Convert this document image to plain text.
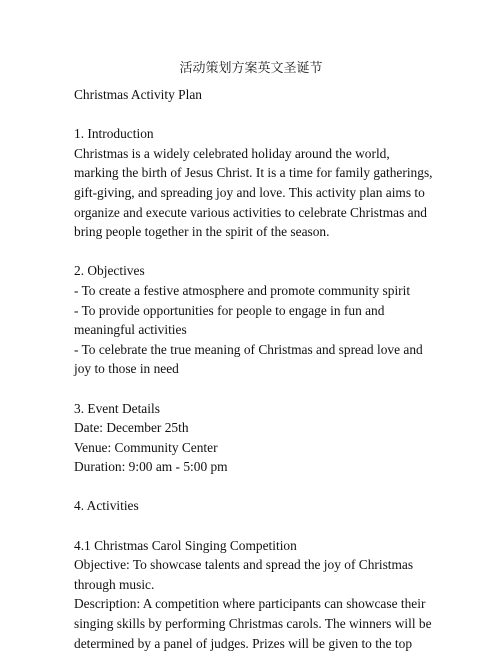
活动策划方案英文圣诞节

Christmas Activity Plan

1. Introduction

Christmas is a widely celebrated holiday around the world,

marking the birth of Jesus Christ. It is a time for family gatherings,

gift-giving, and spreading joy and love. This activity plan aims to

organize and execute various activities to celebrate Christmas and

bring people together in the spirit of the season.

2. Objectives

- To create a festive atmosphere and promote community spirit

- To provide opportunities for people to engage in fun and

meaningful activities

- To celebrate the true meaning of Christmas and spread love and

joy to those in need

3. Event Details

Date: December 25th

Venue: Community Center

Duration: 9:00 am - 5:00 pm

4. Activities

4.1 Christmas Carol Singing Competition

Objective: To showcase talents and spread the joy of Christmas

through music.

Description: A competition where participants can showcase their

singing skills by performing Christmas carols. The winners will be

determined by a panel of judges. Prizes will be given to the top
